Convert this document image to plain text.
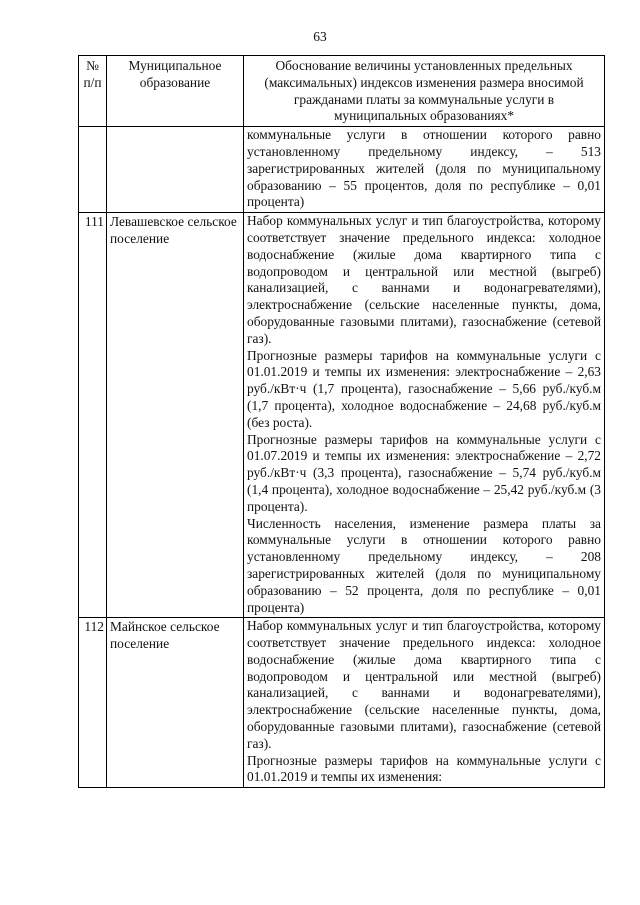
63
№ п/п	Муниципальное образование	Обоснование величины установленных предельных (максимальных) индексов изменения размера вносимой гражданами платы за коммунальные услуги в муниципальных образованиях*

		коммунальные услуги в отношении которого равно установленному предельному индексу, – 513 зарегистрированных жителей (доля по муниципальному образованию – 55 процентов, доля по республике – 0,01 процента)

111	Левашевское сельское поселение	Набор коммунальных услуг и тип благоустройства, которому соответствует значение предельного индекса: холодное водоснабжение (жилые дома квартирного типа с водопроводом и центральной или местной (выгреб) канализацией, с ваннами и водонагревателями), электроснабжение (сельские населенные пункты, дома, оборудованные газовыми плитами), газоснабжение (сетевой газ).

Прогнозные размеры тарифов на коммунальные услуги с 01.01.2019 и темпы их изменения: электроснабжение – 2,63 руб./кВт·ч (1,7 процента), газоснабжение – 5,66 руб./куб.м (1,7 процента), холодное водоснабжение – 24,68 руб./куб.м (без роста).

Прогнозные размеры тарифов на коммунальные услуги с 01.07.2019 и темпы их изменения: электроснабжение – 2,72 руб./кВт·ч (3,3 процента), газоснабжение – 5,74 руб./куб.м (1,4 процента), холодное водоснабжение – 25,42 руб./куб.м (3 процента).

Численность населения, изменение размера платы за коммунальные услуги в отношении которого равно установленному предельному индексу, – 208 зарегистрированных жителей (доля по муниципальному образованию – 52 процента, доля по республике – 0,01 процента)

112	Майнское сельское поселение	Набор коммунальных услуг и тип благоустройства, которому соответствует значение предельного индекса: холодное водоснабжение (жилые дома квартирного типа с водопроводом и центральной или местной (выгреб) канализацией, с ваннами и водонагревателями), электроснабжение (сельские населенные пункты, дома, оборудованные газовыми плитами), газоснабжение (сетевой газ).

Прогнозные размеры тарифов на коммунальные услуги с 01.01.2019 и темпы их изменения:
